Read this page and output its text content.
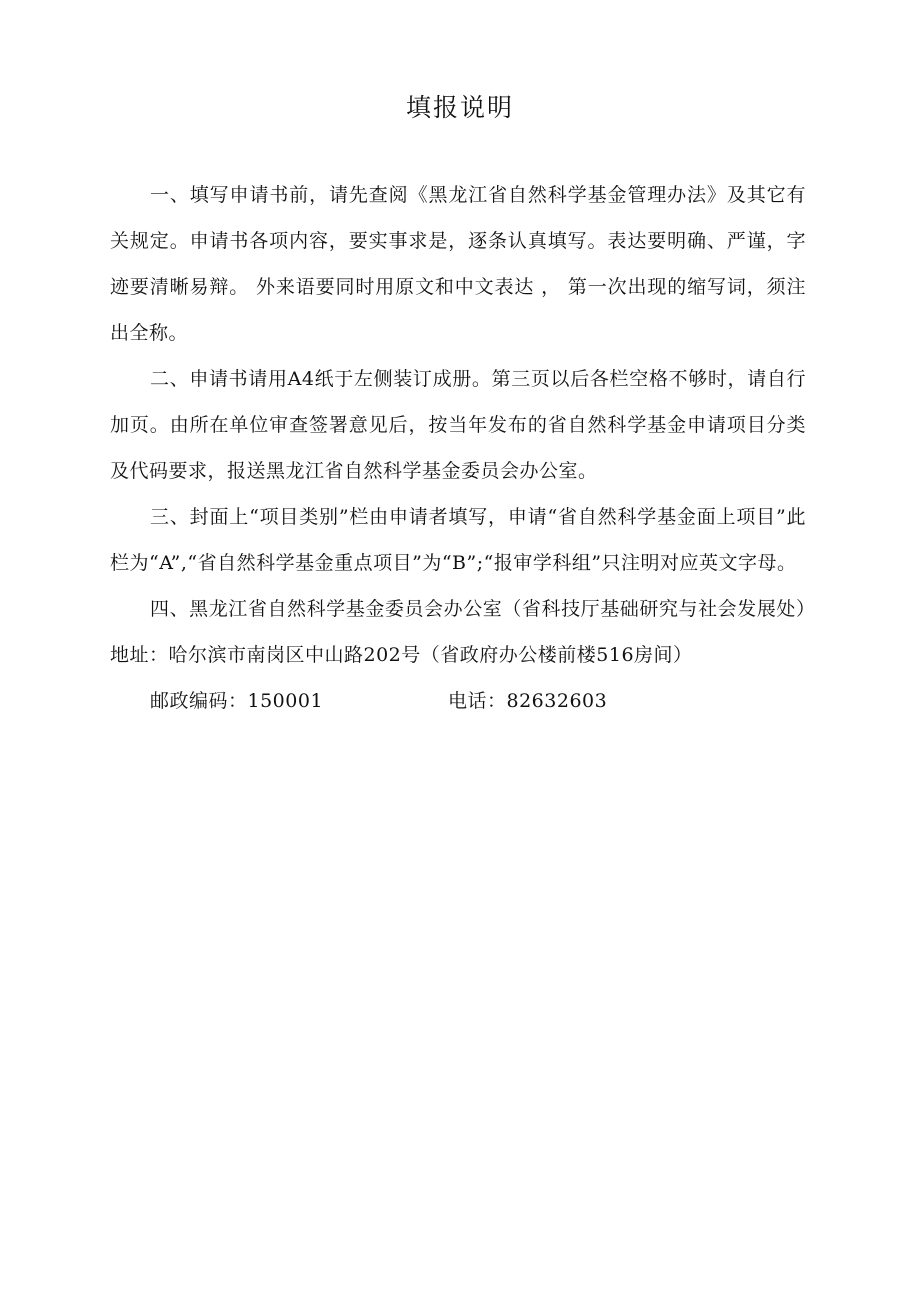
填报说明

一、填写申请书前，请先查阅《黑龙江省自然科学基金管理办法》及其它有关规定。申请书各项内容，要实事求是，逐条认真填写。表达要明确、严谨，字迹要清晰易辩。 外来语要同时用原文和中文表达 ， 第一次出现的缩写词，须注出全称。

二、申请书请用A4纸于左侧装订成册。第三页以后各栏空格不够时，请自行加页。由所在单位审查签署意见后，按当年发布的省自然科学基金申请项目分类及代码要求，报送黑龙江省自然科学基金委员会办公室。

三、封面上“项目类别”栏由申请者填写，申请“省自然科学基金面上项目”此栏为“A”,“省自然科学基金重点项目”为“B”;“报审学科组”只注明对应英文字母。

四、黑龙江省自然科学基金委员会办公室（省科技厅基础研究与社会发展处）地址：哈尔滨市南岗区中山路202号（省政府办公楼前楼516房间）

邮政编码：150001	电话：82632603
